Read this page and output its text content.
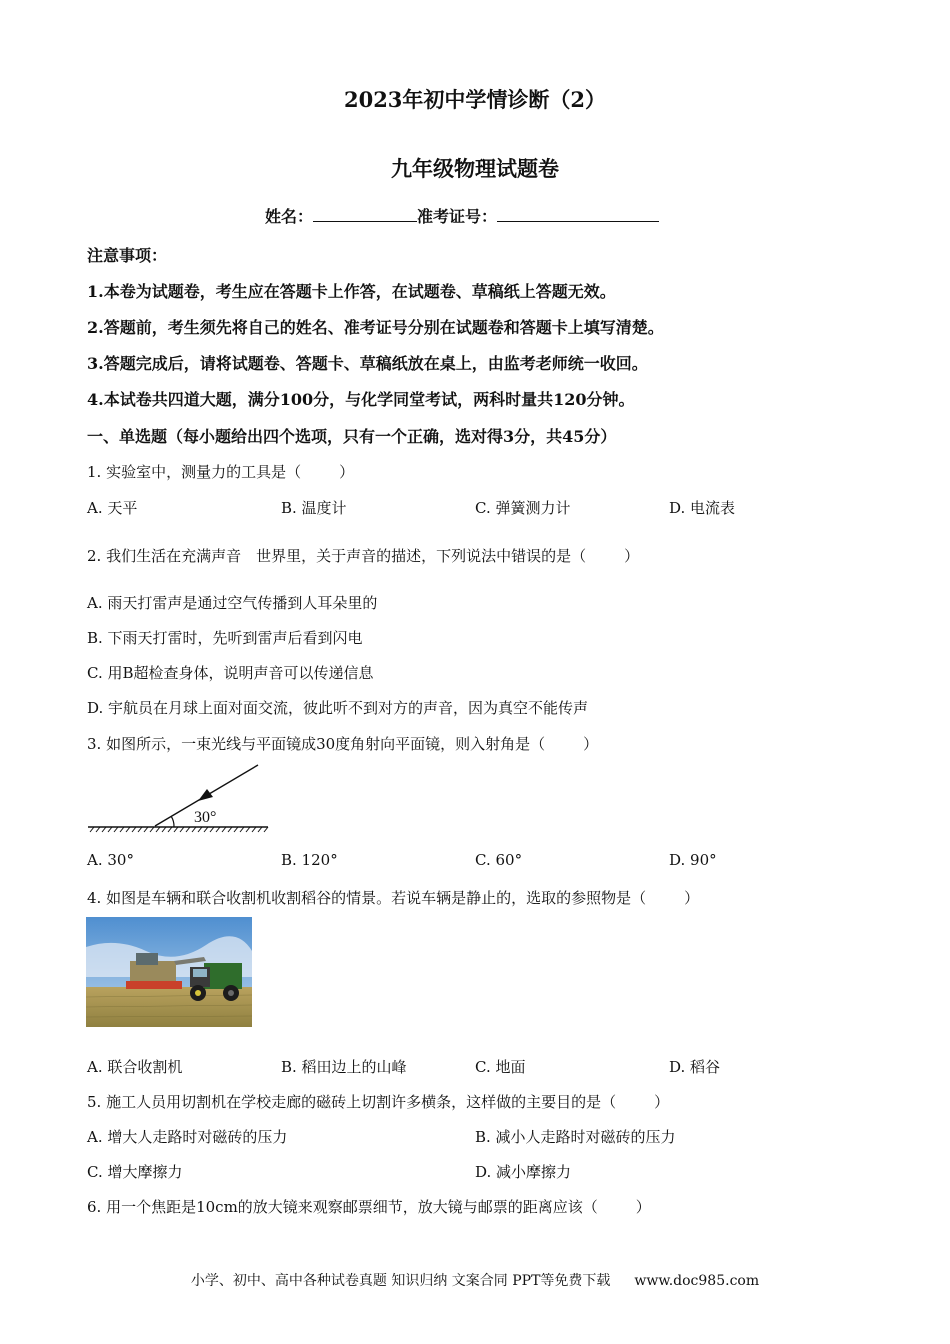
2023年初中学情诊断（2）
九年级物理试题卷
姓名：	准考证号：
注意事项：
1.本卷为试题卷，考生应在答题卡上作答，在试题卷、草稿纸上答题无效。
2.答题前，考生须先将自己的姓名、准考证号分别在试题卷和答题卡上填写清楚。
3.答题完成后，请将试题卷、答题卡、草稿纸放在桌上，由监考老师统一收回。
4.本试卷共四道大题，满分100分，与化学同堂考试，两科时量共120分钟。
一、单选题（每小题给出四个选项，只有一个正确，选对得3分，共45分）
1. 实验室中，测量力的工具是（	）
A. 天平	B. 温度计	C. 弹簧测力计	D. 电流表
2. 我们生活在充满声音　世界里，关于声音的描述，下列说法中错误的是（	）
A. 雨天打雷声是通过空气传播到人耳朵里的
B. 下雨天打雷时，先听到雷声后看到闪电
C. 用B超检查身体，说明声音可以传递信息
D. 宇航员在月球上面对面交流，彼此听不到对方的声音，因为真空不能传声
3. 如图所示，一束光线与平面镜成30度角射向平面镜，则入射角是（	）
30°
A. 30°	B. 120°	C. 60°	D. 90°
4. 如图是车辆和联合收割机收割稻谷的情景。若说车辆是静止的，选取的参照物是（	）
A. 联合收割机	B. 稻田边上的山峰	C. 地面	D. 稻谷
5. 施工人员用切割机在学校走廊的磁砖上切割许多横条，这样做的主要目的是（	）
A. 增大人走路时对磁砖的压力	B. 减小人走路时对磁砖的压力
C. 增大摩擦力	D. 减小摩擦力
6. 用一个焦距是10cm的放大镜来观察邮票细节，放大镜与邮票的距离应该（	）
小学、初中、高中各种试卷真题 知识归纳 文案合同 PPT等免费下载 www.doc985.com
